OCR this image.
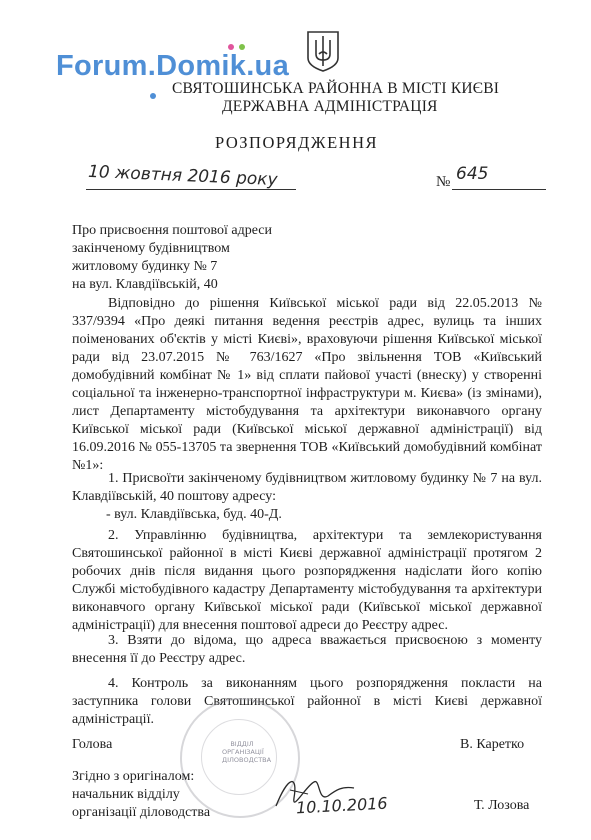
Forum.Domik.ua
СВЯТОШИНСЬКА РАЙОННА В МІСТІ КИЄВІ
ДЕРЖАВНА АДМІНІСТРАЦІЯ
РОЗПОРЯДЖЕННЯ
10 жовтня 2016 року	№ 645
Про присвоєння поштової адреси
закінченому будівництвом
житловому будинку № 7
на вул. Клавдіївській, 40

Відповідно до рішення Київської міської ради від 22.05.2013 № 337/9394 «Про деякі питання ведення реєстрів адрес, вулиць та інших поіменованих об'єктів у місті Києві», враховуючи рішення Київської міської ради від 23.07.2015 № 763/1627 «Про звільнення ТОВ «Київський домобудівний комбінат № 1» від сплати пайової участі (внеску) у створенні соціальної та інженерно-транспортної інфраструктури м. Києва» (із змінами), лист Департаменту містобудування та архітектури виконавчого органу Київської міської ради (Київської міської державної адміністрації) від 16.09.2016 № 055-13705 та звернення ТОВ «Київський домобудівний комбінат №1»:

1. Присвоїти закінченому будівництвом житловому будинку № 7 на вул. Клавдіївській, 40 поштову адресу:

- вул. Клавдіївська, буд. 40-Д.

2. Управлінню будівництва, архітектури та землекористування Святошинської районної в місті Києві державної адміністрації протягом 2 робочих днів після видання цього розпорядження надіслати його копію Службі містобудівного кадастру Департаменту містобудування та архітектури виконавчого органу Київської міської ради (Київської міської державної адміністрації) для внесення поштової адреси до Реєстру адрес.

3. Взяти до відома, що адреса вважається присвоєною з моменту внесення її до Реєстру адрес.

4. Контроль за виконанням цього розпорядження покласти на заступника голови Святошинської районної в місті Києві державної адміністрації.

ВІДДІЛ ОРГАНІЗАЦІЇ ДІЛОВОДСТВА
Голова	В. Каретко
Згідно з оригіналом:
начальник відділу
організації діловодства	Т. Лозова
10.10.2016
